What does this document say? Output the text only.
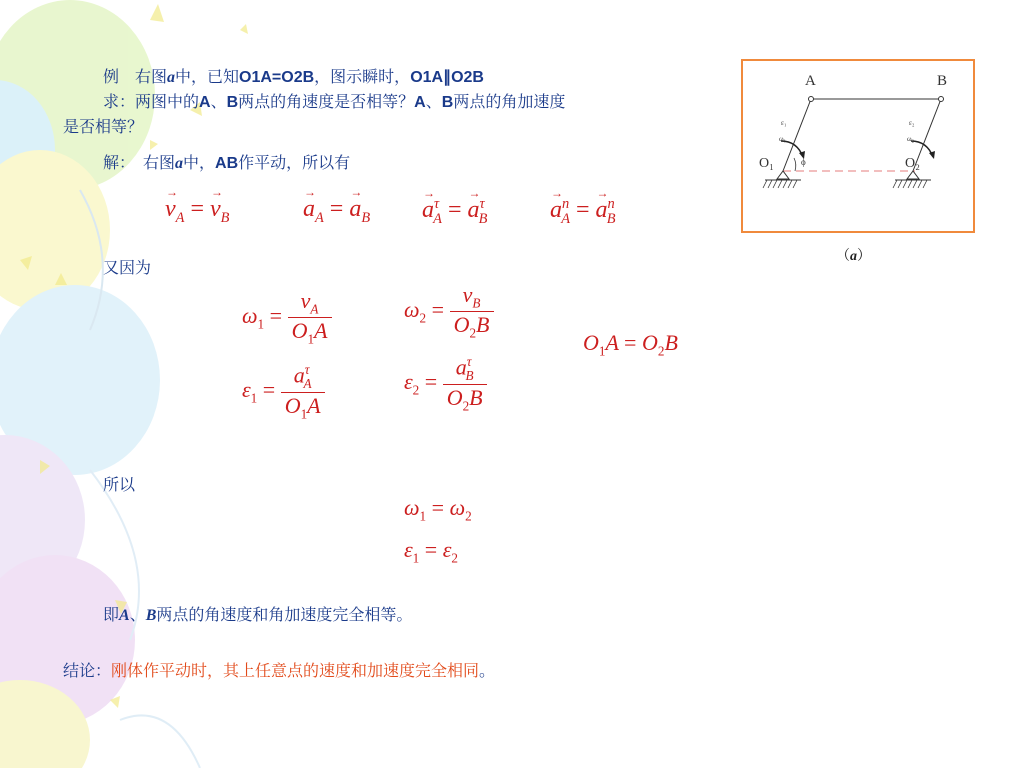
例　右图a中，已知O1A=O2B，图示瞬时，O1A∥O2B
求：两图中的A、B两点的角速度是否相等？A、B两点的角加速度
是否相等？
解：　右图a中，AB作平动，所以有
→ $v_A$ = → $v_B$
→	$a_A$ = → $a_B$
→ $a^\tau_A$ = → $a^\tau_B$
→	$a^n_A$ = → $a^n_B$
又因为
$\omega_1 = \frac{v_A}{O_1A}$	$\omega_2 = \frac{v_B}{O_2B}$
$O_1A = O_2B$
$\varepsilon_1 = \frac{a^\tau_A}{O_1A}$	$\varepsilon_2 = \frac{a^\tau_B}{O_2B}$
所以
$\omega_1 = \omega_2$
$\varepsilon_1 = \varepsilon_2$
即A、B两点的角速度和角加速度完全相等。
结论：刚体作平动时，其上任意点的速度和加速度完全相同。
A	B
O₁	O₂
ϕ
ε₁
ω₁
ε₂
ω₂
（a）
